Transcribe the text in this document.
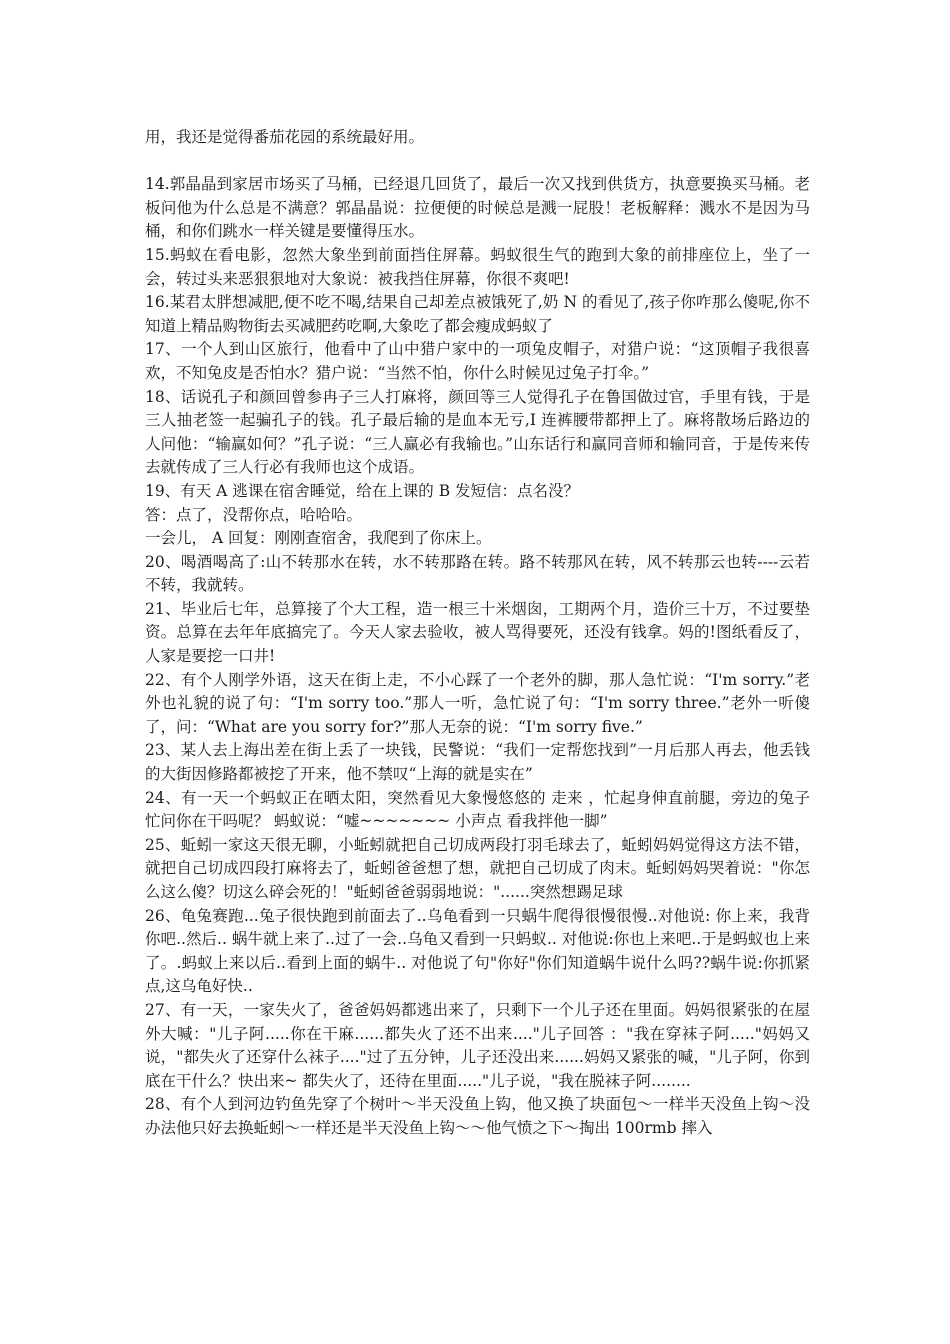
用，我还是觉得番茄花园的系统最好用。

14.郭晶晶到家居市场买了马桶，已经退几回货了，最后一次又找到供货方，执意要换买马桶。老板问他为什么总是不满意？郭晶晶说：拉便便的时候总是溅一屁股！老板解释：溅水不是因为马桶，和你们跳水一样关键是要懂得压水。

15.蚂蚁在看电影，忽然大象坐到前面挡住屏幕。蚂蚁很生气的跑到大象的前排座位上，坐了一会，转过头来恶狠狠地对大象说：被我挡住屏幕，你很不爽吧!

16.某君太胖想减肥,便不吃不喝,结果自己却差点被饿死了,奶 N 的看见了,孩子你咋那么傻呢,你不知道上精品购物街去买减肥药吃啊,大象吃了都会瘦成蚂蚁了

17、一个人到山区旅行，他看中了山中猎户家中的一项兔皮帽子，对猎户说：“这顶帽子我很喜欢，不知兔皮是否怕水？猎户说：“当然不怕，你什么时候见过兔子打伞。”

18、话说孔子和颜回曾参冉子三人打麻将，颜回等三人觉得孔子在鲁国做过官，手里有钱，于是三人抽老签一起骗孔子的钱。孔子最后输的是血本无亏,I 连裤腰带都押上了。麻将散场后路边的人问他：“输赢如何？”孔子说：“三人赢必有我输也。”山东话行和赢同音师和输同音，于是传来传去就传成了三人行必有我师也这个成语。

19、有天 A 逃课在宿舍睡觉，给在上课的 B 发短信：点名没？

答：点了，没帮你点，哈哈哈。

一会儿， A 回复：刚刚查宿舍，我爬到了你床上。

20、喝酒喝高了:山不转那水在转，水不转那路在转。路不转那风在转，风不转那云也转----云若不转，我就转。

21、毕业后七年，总算接了个大工程，造一根三十米烟囱，工期两个月，造价三十万，不过要垫资。总算在去年年底搞完了。今天人家去验收，被人骂得要死，还没有钱拿。妈的!图纸看反了，人家是要挖一口井!

22、有个人刚学外语，这天在街上走，不小心踩了一个老外的脚，那人急忙说：“I'm sorry.”老外也礼貌的说了句：“I'm sorry too.”那人一听，急忙说了句：“I'm sorry three.”老外一听傻了，问：“What are you sorry for?”那人无奈的说：“I'm sorry five.”

23、某人去上海出差在街上丢了一块钱，民警说：“我们一定帮您找到”一月后那人再去，他丢钱的大街因修路都被挖了开来，他不禁叹“上海的就是实在”

24、有一天一个蚂蚁正在晒太阳，突然看见大象慢悠悠的 走来 ，忙起身伸直前腿，旁边的兔子忙问你在干吗呢？ 蚂蚁说：“嘘~~~~~~~ 小声点 看我拌他一脚”

25、蚯蚓一家这天很无聊，小蚯蚓就把自己切成两段打羽毛球去了，蚯蚓妈妈觉得这方法不错，就把自己切成四段打麻将去了，蚯蚓爸爸想了想，就把自己切成了肉末。蚯蚓妈妈哭着说："你怎么这么傻？切这么碎会死的！"蚯蚓爸爸弱弱地说："......突然想踢足球

26、龟兔赛跑...兔子很快跑到前面去了..乌龟看到一只蜗牛爬得很慢很慢..对他说: 你上来，我背你吧..然后.. 蜗牛就上来了..过了一会..乌龟又看到一只蚂蚁.. 对他说:你也上来吧..于是蚂蚁也上来了。.蚂蚁上来以后..看到上面的蜗牛.. 对他说了句"你好"你们知道蜗牛说什么吗??蜗牛说:你抓紧点,这乌龟好快..

27、有一天，一家失火了，爸爸妈妈都逃出来了，只剩下一个儿子还在里面。妈妈很紧张的在屋外大喊："儿子阿.....你在干麻......都失火了还不出来...."儿子回答 ："我在穿袜子阿....."妈妈又说，"都失火了还穿什么袜子...."过了五分钟，儿子还没出来......妈妈又紧张的喊，"儿子阿，你到底在干什么？快出来~ 都失火了，还待在里面....."儿子说，"我在脱袜子阿........

28、有个人到河边钓鱼先穿了个树叶～半天没鱼上钩，他又换了块面包～一样半天没鱼上钩～没办法他只好去换蚯蚓～一样还是半天没鱼上钩～～他气愤之下～掏出 100rmb 摔入
